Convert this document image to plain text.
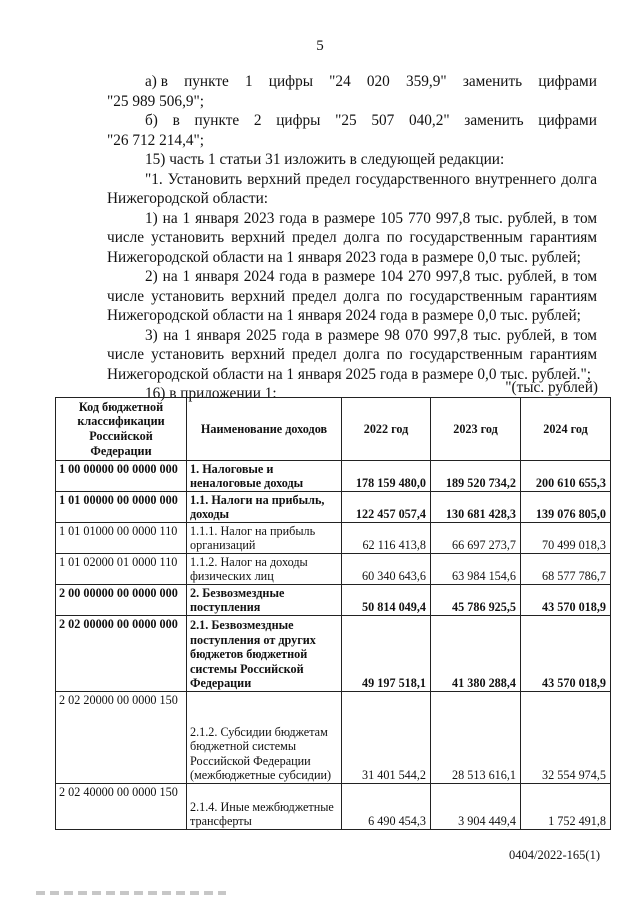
5
а) в пункте 1 цифры "24 020 359,9" заменить цифрами
"25 989 506,9";
б) в пункте 2 цифры "25 507 040,2" заменить цифрами
"26 712 214,4";

15) часть 1 статьи 31 изложить в следующей редакции:

"1. Установить верхний предел государственного внутреннего долга Нижегородской области:

1) на 1 января 2023 года в размере 105 770 997,8 тыс. рублей, в том числе установить верхний предел долга по государственным гарантиям Нижегородской области на 1 января 2023 года в размере 0,0 тыс. рублей;

2) на 1 января 2024 года в размере 104 270 997,8 тыс. рублей, в том числе установить верхний предел долга по государственным гарантиям Нижегородской области на 1 января 2024 года в размере 0,0 тыс. рублей;

3) на 1 января 2025 года в размере 98 070 997,8 тыс. рублей, в том числе установить верхний предел долга по государственным гарантиям Нижегородской области на 1 января 2025 года в размере 0,0 тыс. рублей.";

16) в приложении 1:	"(тыс. рублей)
Код бюджетной классификации Российской Федерации	Наименование доходов	2022 год	2023 год	2024 год
1 00 00000 00 0000 000	1. Налоговые и неналоговые доходы	178 159 480,0	189 520 734,2	200 610 655,3
1 01 00000 00 0000 000	1.1. Налоги на прибыль, доходы	122 457 057,4	130 681 428,3	139 076 805,0
1 01 01000 00 0000 110	1.1.1. Налог на прибыль организаций	62 116 413,8	66 697 273,7	70 499 018,3
1 01 02000 01 0000 110	1.1.2. Налог на доходы физических лиц	60 340 643,6	63 984 154,6	68 577 786,7
2 00 00000 00 0000 000	2. Безвозмездные поступления	50 814 049,4	45 786 925,5	43 570 018,9
2 02 00000 00 0000 000	2.1. Безвозмездные поступления от других бюджетов бюджетной системы Российской Федерации	49 197 518,1	41 380 288,4	43 570 018,9
2 02 20000 00 0000 150	2.1.2. Субсидии бюджетам бюджетной системы Российской Федерации (межбюджетные субсидии)	31 401 544,2	28 513 616,1	32 554 974,5
2 02 40000 00 0000 150	2.1.4. Иные межбюджетные трансферты	6 490 454,3	3 904 449,4	1 752 491,8
0404/2022-165(1)
